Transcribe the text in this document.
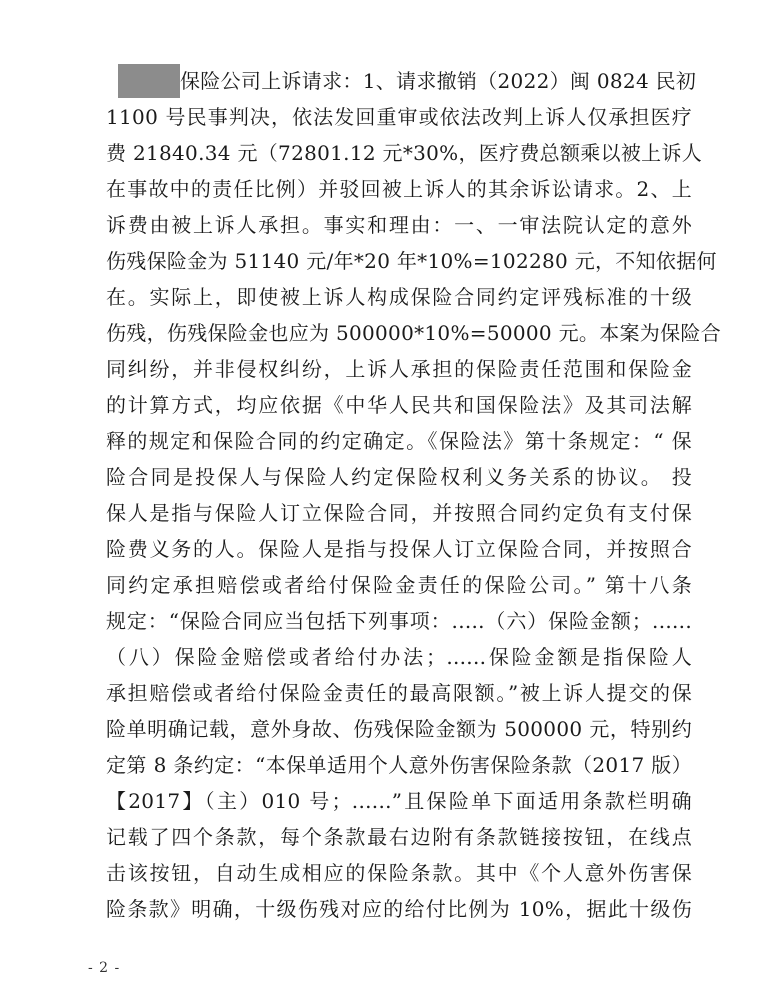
保险公司上诉请求：1、请求撤销（2022）闽 0824 民初
1100 号民事判决，依法发回重审或依法改判上诉人仅承担医疗
费 21840.34 元（72801.12 元*30%，医疗费总额乘以被上诉人
在事故中的责任比例）并驳回被上诉人的其余诉讼请求。2、上
诉费由被上诉人承担。事实和理由：一、一审法院认定的意外
伤残保险金为 51140 元/年*20 年*10%=102280 元，不知依据何
在。实际上，即使被上诉人构成保险合同约定评残标准的十级
伤残，伤残保险金也应为 500000*10%=50000 元。本案为保险合
同纠纷，并非侵权纠纷，上诉人承担的保险责任范围和保险金
的计算方式，均应依据《中华人民共和国保险法》及其司法解
释的规定和保险合同的约定确定。《保险法》第十条规定：“ 保
险合同是投保人与保险人约定保险权利义务关系的协议。 投
保人是指与保险人订立保险合同，并按照合同约定负有支付保
险费义务的人。保险人是指与投保人订立保险合同，并按照合
同约定承担赔偿或者给付保险金责任的保险公司。” 第十八条
规定：“保险合同应当包括下列事项：.....（六）保险金额；......
（八）保险金赔偿或者给付办法；......保险金额是指保险人
承担赔偿或者给付保险金责任的最高限额。”被上诉人提交的保
险单明确记载，意外身故、伤残保险金额为 500000 元，特别约
定第 8 条约定：“本保单适用个人意外伤害保险条款（2017 版）
【2017】（主）010 号；......”且保险单下面适用条款栏明确
记载了四个条款，每个条款最右边附有条款链接按钮，在线点
击该按钮，自动生成相应的保险条款。其中《个人意外伤害保
险条款》明确，十级伤残对应的给付比例为 10%，据此十级伤
- 2 -
